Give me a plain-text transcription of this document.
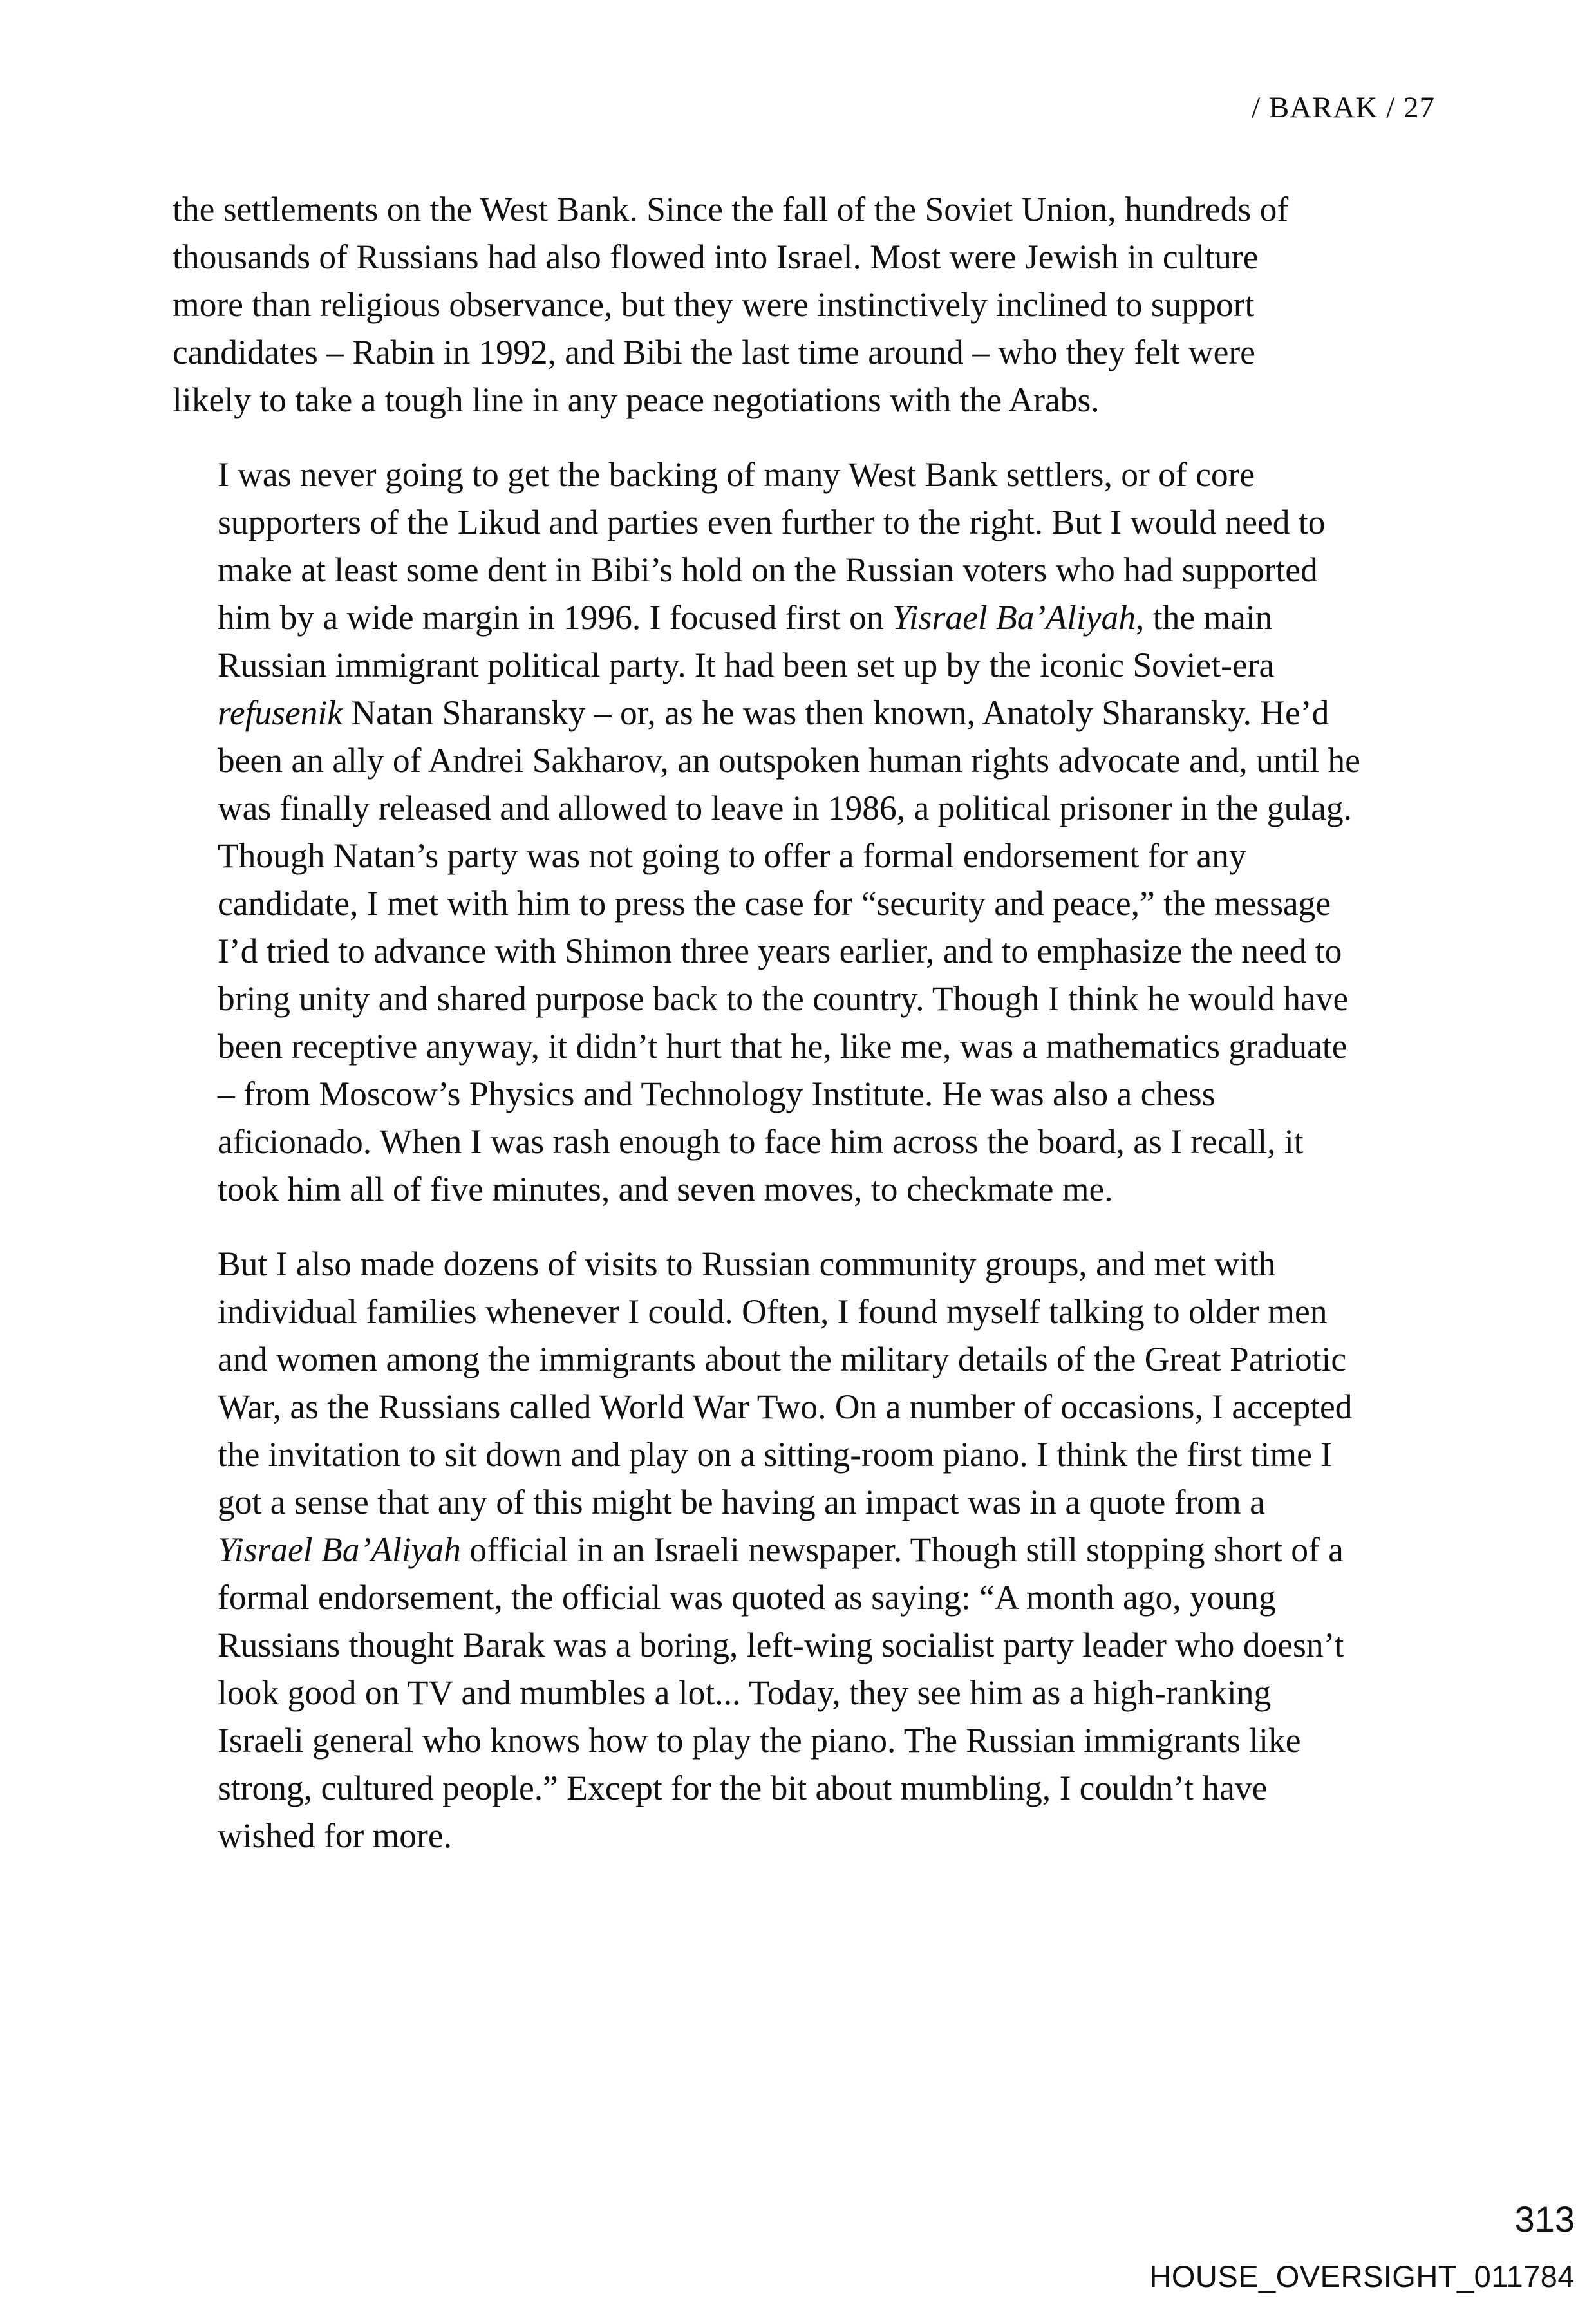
/ BARAK / 27

the settlements on the West Bank. Since the fall of the Soviet Union, hundreds of
thousands of Russians had also flowed into Israel. Most were Jewish in culture
more than religious observance, but they were instinctively inclined to support
candidates – Rabin in 1992, and Bibi the last time around – who they felt were
likely to take a tough line in any peace negotiations with the Arabs.

I was never going to get the backing of many West Bank settlers, or of core
supporters of the Likud and parties even further to the right. But I would need to
make at least some dent in Bibi’s hold on the Russian voters who had supported
him by a wide margin in 1996. I focused first on Yisrael Ba’Aliyah, the main
Russian immigrant political party. It had been set up by the iconic Soviet-era
refusenik Natan Sharansky – or, as he was then known, Anatoly Sharansky. He’d
been an ally of Andrei Sakharov, an outspoken human rights advocate and, until he
was finally released and allowed to leave in 1986, a political prisoner in the gulag.
Though Natan’s party was not going to offer a formal endorsement for any
candidate, I met with him to press the case for “security and peace,” the message
I’d tried to advance with Shimon three years earlier, and to emphasize the need to
bring unity and shared purpose back to the country. Though I think he would have
been receptive anyway, it didn’t hurt that he, like me, was a mathematics graduate
– from Moscow’s Physics and Technology Institute. He was also a chess
aficionado. When I was rash enough to face him across the board, as I recall, it
took him all of five minutes, and seven moves, to checkmate me.

But I also made dozens of visits to Russian community groups, and met with
individual families whenever I could. Often, I found myself talking to older men
and women among the immigrants about the military details of the Great Patriotic
War, as the Russians called World War Two. On a number of occasions, I accepted
the invitation to sit down and play on a sitting-room piano. I think the first time I
got a sense that any of this might be having an impact was in a quote from a
Yisrael Ba’Aliyah official in an Israeli newspaper. Though still stopping short of a
formal endorsement, the official was quoted as saying: “A month ago, young
Russians thought Barak was a boring, left-wing socialist party leader who doesn’t
look good on TV and mumbles a lot... Today, they see him as a high-ranking
Israeli general who knows how to play the piano. The Russian immigrants like
strong, cultured people.” Except for the bit about mumbling, I couldn’t have
wished for more.

313
HOUSE_OVERSIGHT_011784
